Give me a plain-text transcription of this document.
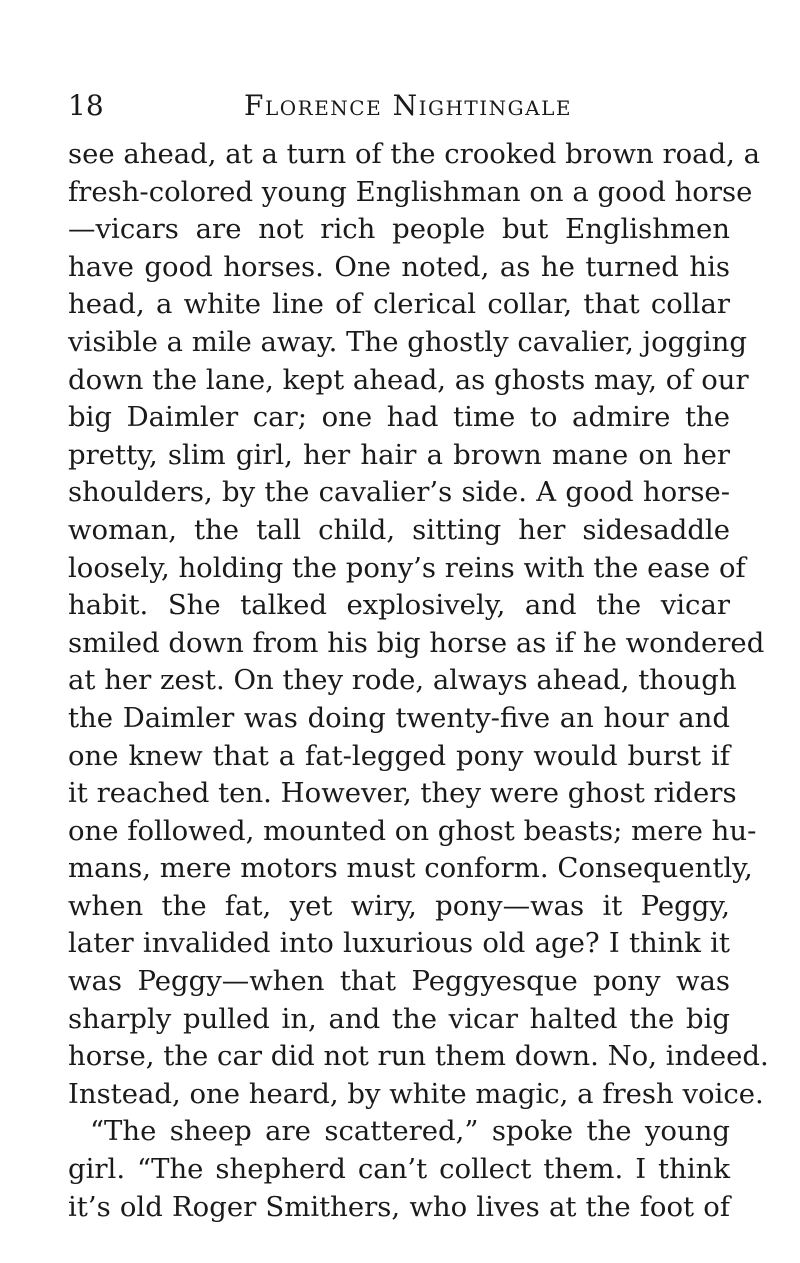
18	Florence Nightingale
see ahead, at a turn of the crooked brown road, a
fresh-colored young Englishman on a good horse
—vicars are not rich people but Englishmen
have good horses. One noted, as he turned his
head, a white line of clerical collar, that collar
visible a mile away. The ghostly cavalier, jogging
down the lane, kept ahead, as ghosts may, of our
big Daimler car; one had time to admire the
pretty, slim girl, her hair a brown mane on her
shoulders, by the cavalier’s side. A good horse-
woman, the tall child, sitting her sidesaddle
loosely, holding the pony’s reins with the ease of
habit. She talked explosively, and the vicar
smiled down from his big horse as if he wondered
at her zest. On they rode, always ahead, though
the Daimler was doing twenty-five an hour and
one knew that a fat-legged pony would burst if
it reached ten. However, they were ghost riders
one followed, mounted on ghost beasts; mere hu-
mans, mere motors must conform. Consequently,
when the fat, yet wiry, pony—was it Peggy,
later invalided into luxurious old age? I think it
was Peggy—when that Peggyesque pony was
sharply pulled in, and the vicar halted the big
horse, the car did not run them down. No, indeed.
Instead, one heard, by white magic, a fresh voice.
“The sheep are scattered,” spoke the young
girl. “The shepherd can’t collect them. I think
it’s old Roger Smithers, who lives at the foot of
